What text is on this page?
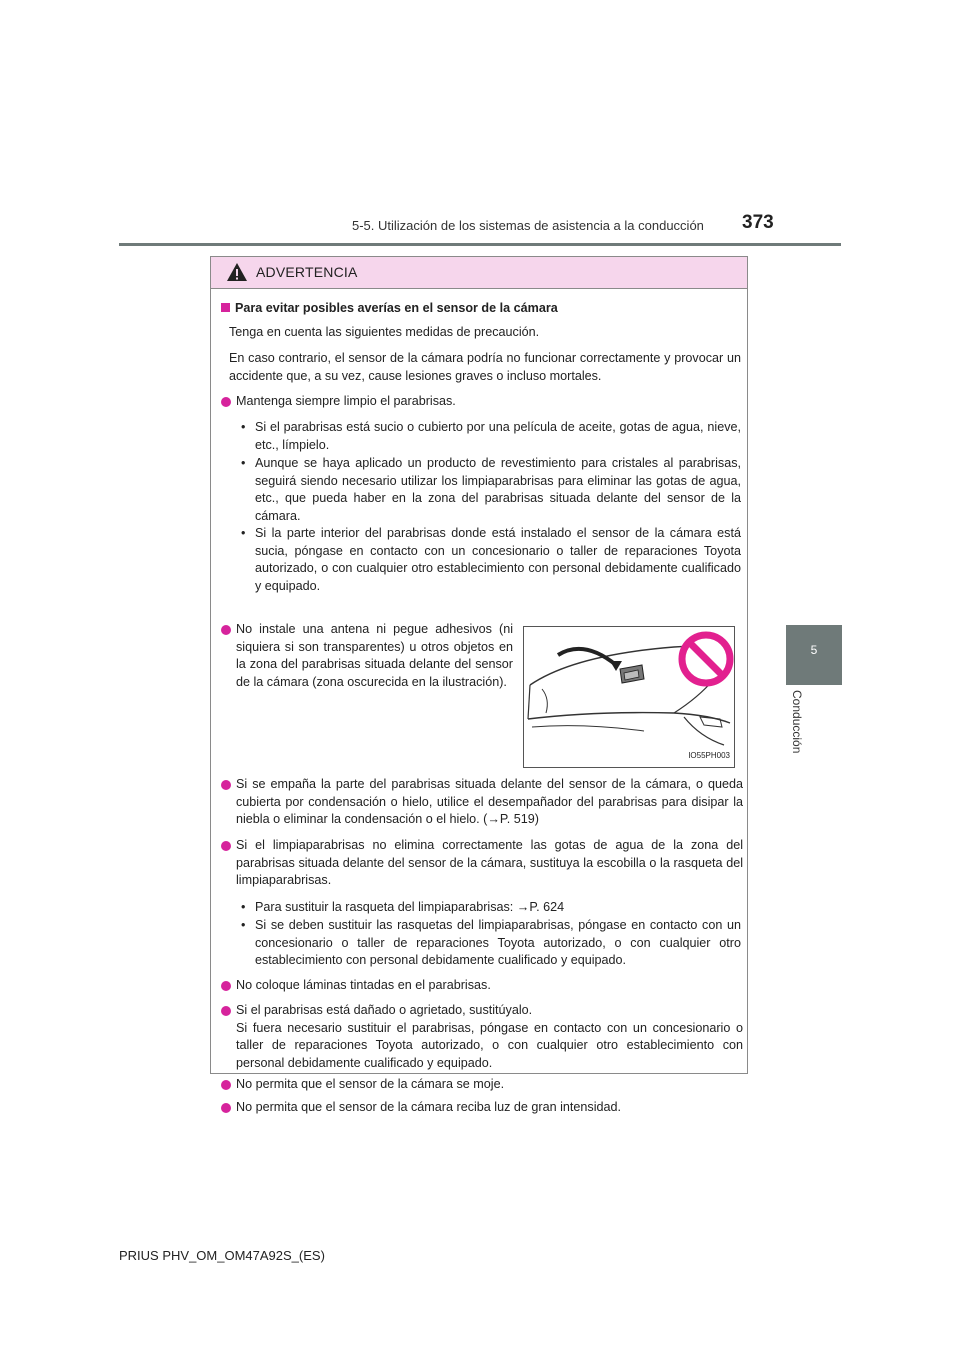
5-5. Utilización de los sistemas de asistencia a la conducción 373
5
Conducción
ADVERTENCIA
Para evitar posibles averías en el sensor de la cámara
Tenga en cuenta las siguientes medidas de precaución.
En caso contrario, el sensor de la cámara podría no funcionar correctamente y provocar un accidente que, a su vez, cause lesiones graves o incluso mortales.
Mantenga siempre limpio el parabrisas.
• Si el parabrisas está sucio o cubierto por una película de aceite, gotas de agua, nieve, etc., límpielo.
• Aunque se haya aplicado un producto de revestimiento para cristales al parabrisas, seguirá siendo necesario utilizar los limpiaparabrisas para eliminar las gotas de agua, etc., que pueda haber en la zona del parabrisas situada delante del sensor de la cámara.
• Si la parte interior del parabrisas donde está instalado el sensor de la cámara está sucia, póngase en contacto con un concesionario o taller de reparaciones Toyota autorizado, o con cualquier otro establecimiento con personal debidamente cualificado y equipado.
No instale una antena ni pegue adhesivos (ni siquiera si son transparentes) u otros objetos en la zona del parabrisas situada delante del sensor de la cámara (zona oscurecida en la ilustración).
IO55PH003
Si se empaña la parte del parabrisas situada delante del sensor de la cámara, o queda cubierta por condensación o hielo, utilice el desempañador del parabrisas para disipar la niebla o eliminar la condensación o el hielo. (→P. 519)
Si el limpiaparabrisas no elimina correctamente las gotas de agua de la zona del parabrisas situada delante del sensor de la cámara, sustituya la escobilla o la rasqueta del limpiaparabrisas.
• Para sustituir la rasqueta del limpiaparabrisas: →P. 624
• Si se deben sustituir las rasquetas del limpiaparabrisas, póngase en contacto con un concesionario o taller de reparaciones Toyota autorizado, o con cualquier otro establecimiento con personal debidamente cualificado y equipado.
No coloque láminas tintadas en el parabrisas.
Si el parabrisas está dañado o agrietado, sustitúyalo.
Si fuera necesario sustituir el parabrisas, póngase en contacto con un concesionario o taller de reparaciones Toyota autorizado, o con cualquier otro establecimiento con personal debidamente cualificado y equipado.
No permita que el sensor de la cámara se moje.
No permita que el sensor de la cámara reciba luz de gran intensidad.
PRIUS PHV_OM_OM47A92S_(ES)
